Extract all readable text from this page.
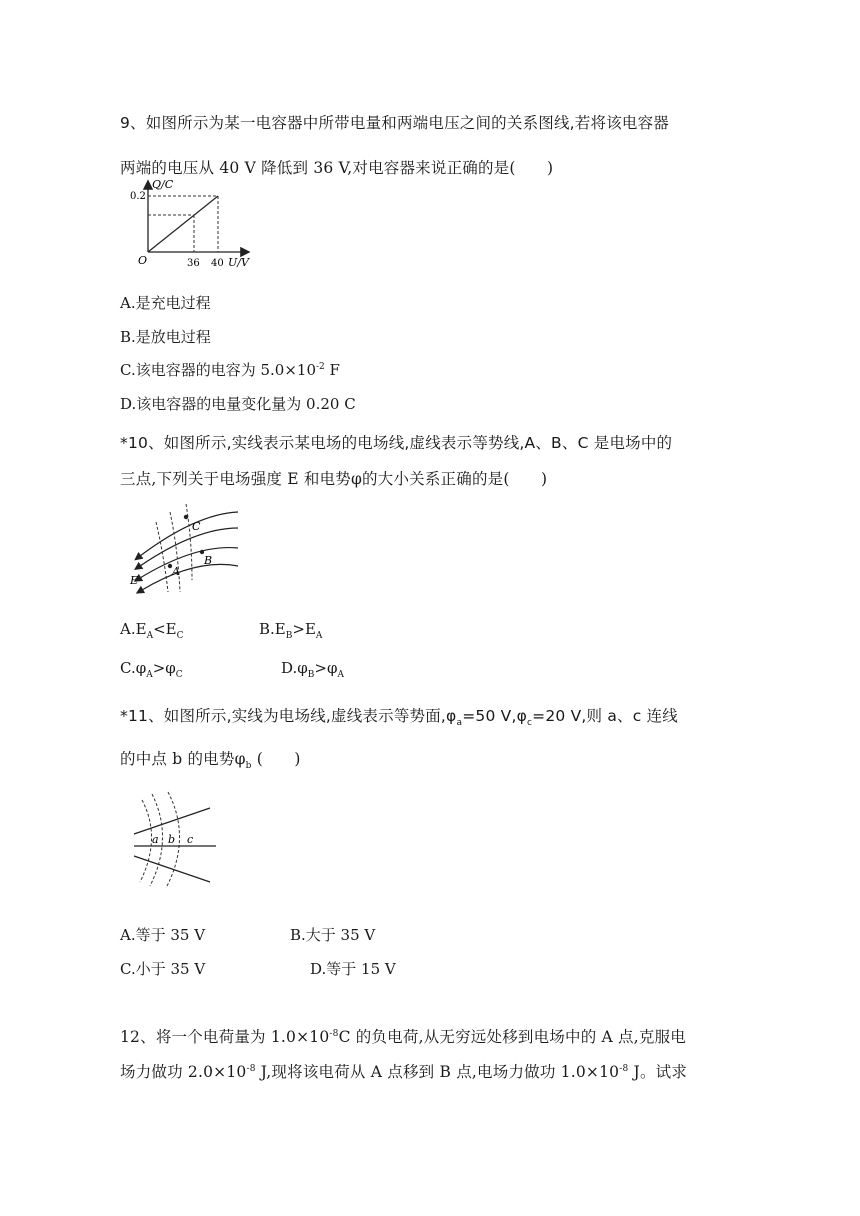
9、如图所示为某一电容器中所带电量和两端电压之间的关系图线,若将该电容器
两端的电压从 40 V 降低到 36 V,对电容器来说正确的是(　　)
Q/C
0.2
O	36 40 U/V
A.是充电过程
B.是放电过程
C.该电容器的电容为 $5.0\times 10^{-2}$ F
D.该电容器的电量变化量为 0.20 C
*10、如图所示,实线表示某电场的电场线,虚线表示等势线,A、B、C 是电场中的
三点,下列关于电场强度 E 和电势φ的大小关系正确的是(　　)
C
B
A
E
$A.E_A<E_C$	$B.E_B>E_A$
$C.\varphi_A>\varphi_C$	$D.\varphi_B>\varphi_A$
*11、如图所示,实线为电场线,虚线表示等势面$,\varphi_a=50$ $V,\varphi_c=20$ V,则 a、c 连线
的中点 b 的电势$\varphi_b$ (　　)
a b c
A.等于 35 V	B.大于 35 V
C.小于 35 V	D.等于 15 V
12、将一个电荷量为 $1.0\times 10^{-8}C$ 的负电荷,从无穷远处移到电场中的 A 点,克服电
场力做功 $2.0\times 10^{-8}$ J,现将该电荷从 A 点移到 B 点,电场力做功 $1.0\times 10^{-8}$ J。试求
